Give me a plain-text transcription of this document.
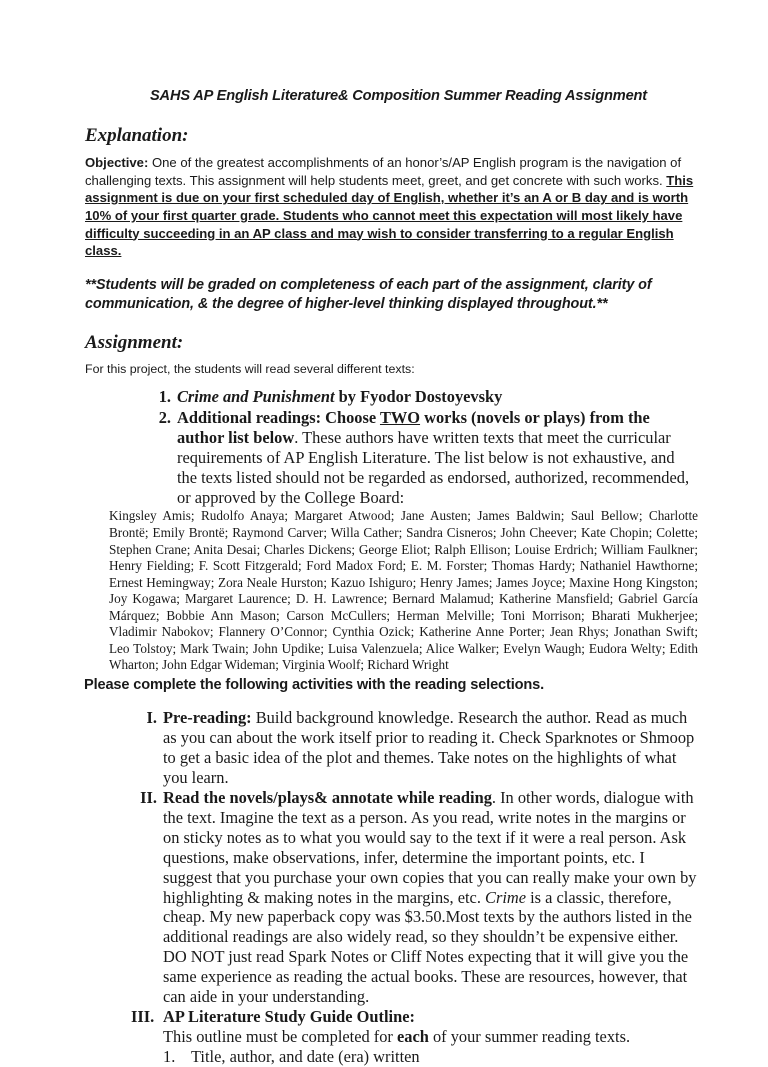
SAHS AP English Literature& Composition Summer Reading Assignment
Explanation:

Objective: One of the greatest accomplishments of an honor’s/AP English program is the navigation of challenging texts. This assignment will help students meet, greet, and get concrete with such works. This assignment is due on your first scheduled day of English, whether it’s an A or B day and is worth 10% of your first quarter grade. Students who cannot meet this expectation will most likely have difficulty succeeding in an AP class and may wish to consider transferring to a regular English class.

**Students will be graded on completeness of each part of the assignment, clarity of communication, & the degree of higher-level thinking displayed throughout.**

Assignment:

For this project, the students will read several different texts:

1. Crime and Punishment by Fyodor Dostoyevsky
2. Additional readings: Choose TWO works (novels or plays) from the author list below. These authors have written texts that meet the curricular requirements of AP English Literature. The list below is not exhaustive, and the texts listed should not be regarded as endorsed, authorized, recommended, or approved by the College Board:

Kingsley Amis; Rudolfo Anaya; Margaret Atwood; Jane Austen; James Baldwin; Saul Bellow; Charlotte Brontë; Emily Brontë; Raymond Carver; Willa Cather; Sandra Cisneros; John Cheever; Kate Chopin; Colette; Stephen Crane; Anita Desai; Charles Dickens; George Eliot; Ralph Ellison; Louise Erdrich; William Faulkner; Henry Fielding; F. Scott Fitzgerald; Ford Madox Ford; E. M. Forster; Thomas Hardy; Nathaniel Hawthorne; Ernest Hemingway; Zora Neale Hurston; Kazuo Ishiguro; Henry James; James Joyce; Maxine Hong Kingston; Joy Kogawa; Margaret Laurence; D. H. Lawrence; Bernard Malamud; Katherine Mansfield; Gabriel García Márquez; Bobbie Ann Mason; Carson McCullers; Herman Melville; Toni Morrison; Bharati Mukherjee; Vladimir Nabokov; Flannery O’Connor; Cynthia Ozick; Katherine Anne Porter; Jean Rhys; Jonathan Swift; Leo Tolstoy; Mark Twain; John Updike; Luisa Valenzuela; Alice Walker; Evelyn Waugh; Eudora Welty; Edith Wharton; John Edgar Wideman; Virginia Woolf; Richard Wright

Please complete the following activities with the reading selections.

I. Pre-reading: Build background knowledge. Research the author. Read as much as you can about the work itself prior to reading it. Check Sparknotes or Shmoop to get a basic idea of the plot and themes. Take notes on the highlights of what you learn.
II. Read the novels/plays& annotate while reading. In other words, dialogue with the text. Imagine the text as a person. As you read, write notes in the margins or on sticky notes as to what you would say to the text if it were a real person. Ask questions, make observations, infer, determine the important points, etc. I suggest that you purchase your own copies that you can really make your own by highlighting & making notes in the margins, etc. Crime is a classic, therefore, cheap. My new paperback copy was $3.50.Most texts by the authors listed in the additional readings are also widely read, so they shouldn’t be expensive either. DO NOT just read Spark Notes or Cliff Notes expecting that it will give you the same experience as reading the actual books. These are resources, however, that can aide in your understanding.
III. AP Literature Study Guide Outline:
This outline must be completed for each of your summer reading texts.
1. Title, author, and date (era) written
